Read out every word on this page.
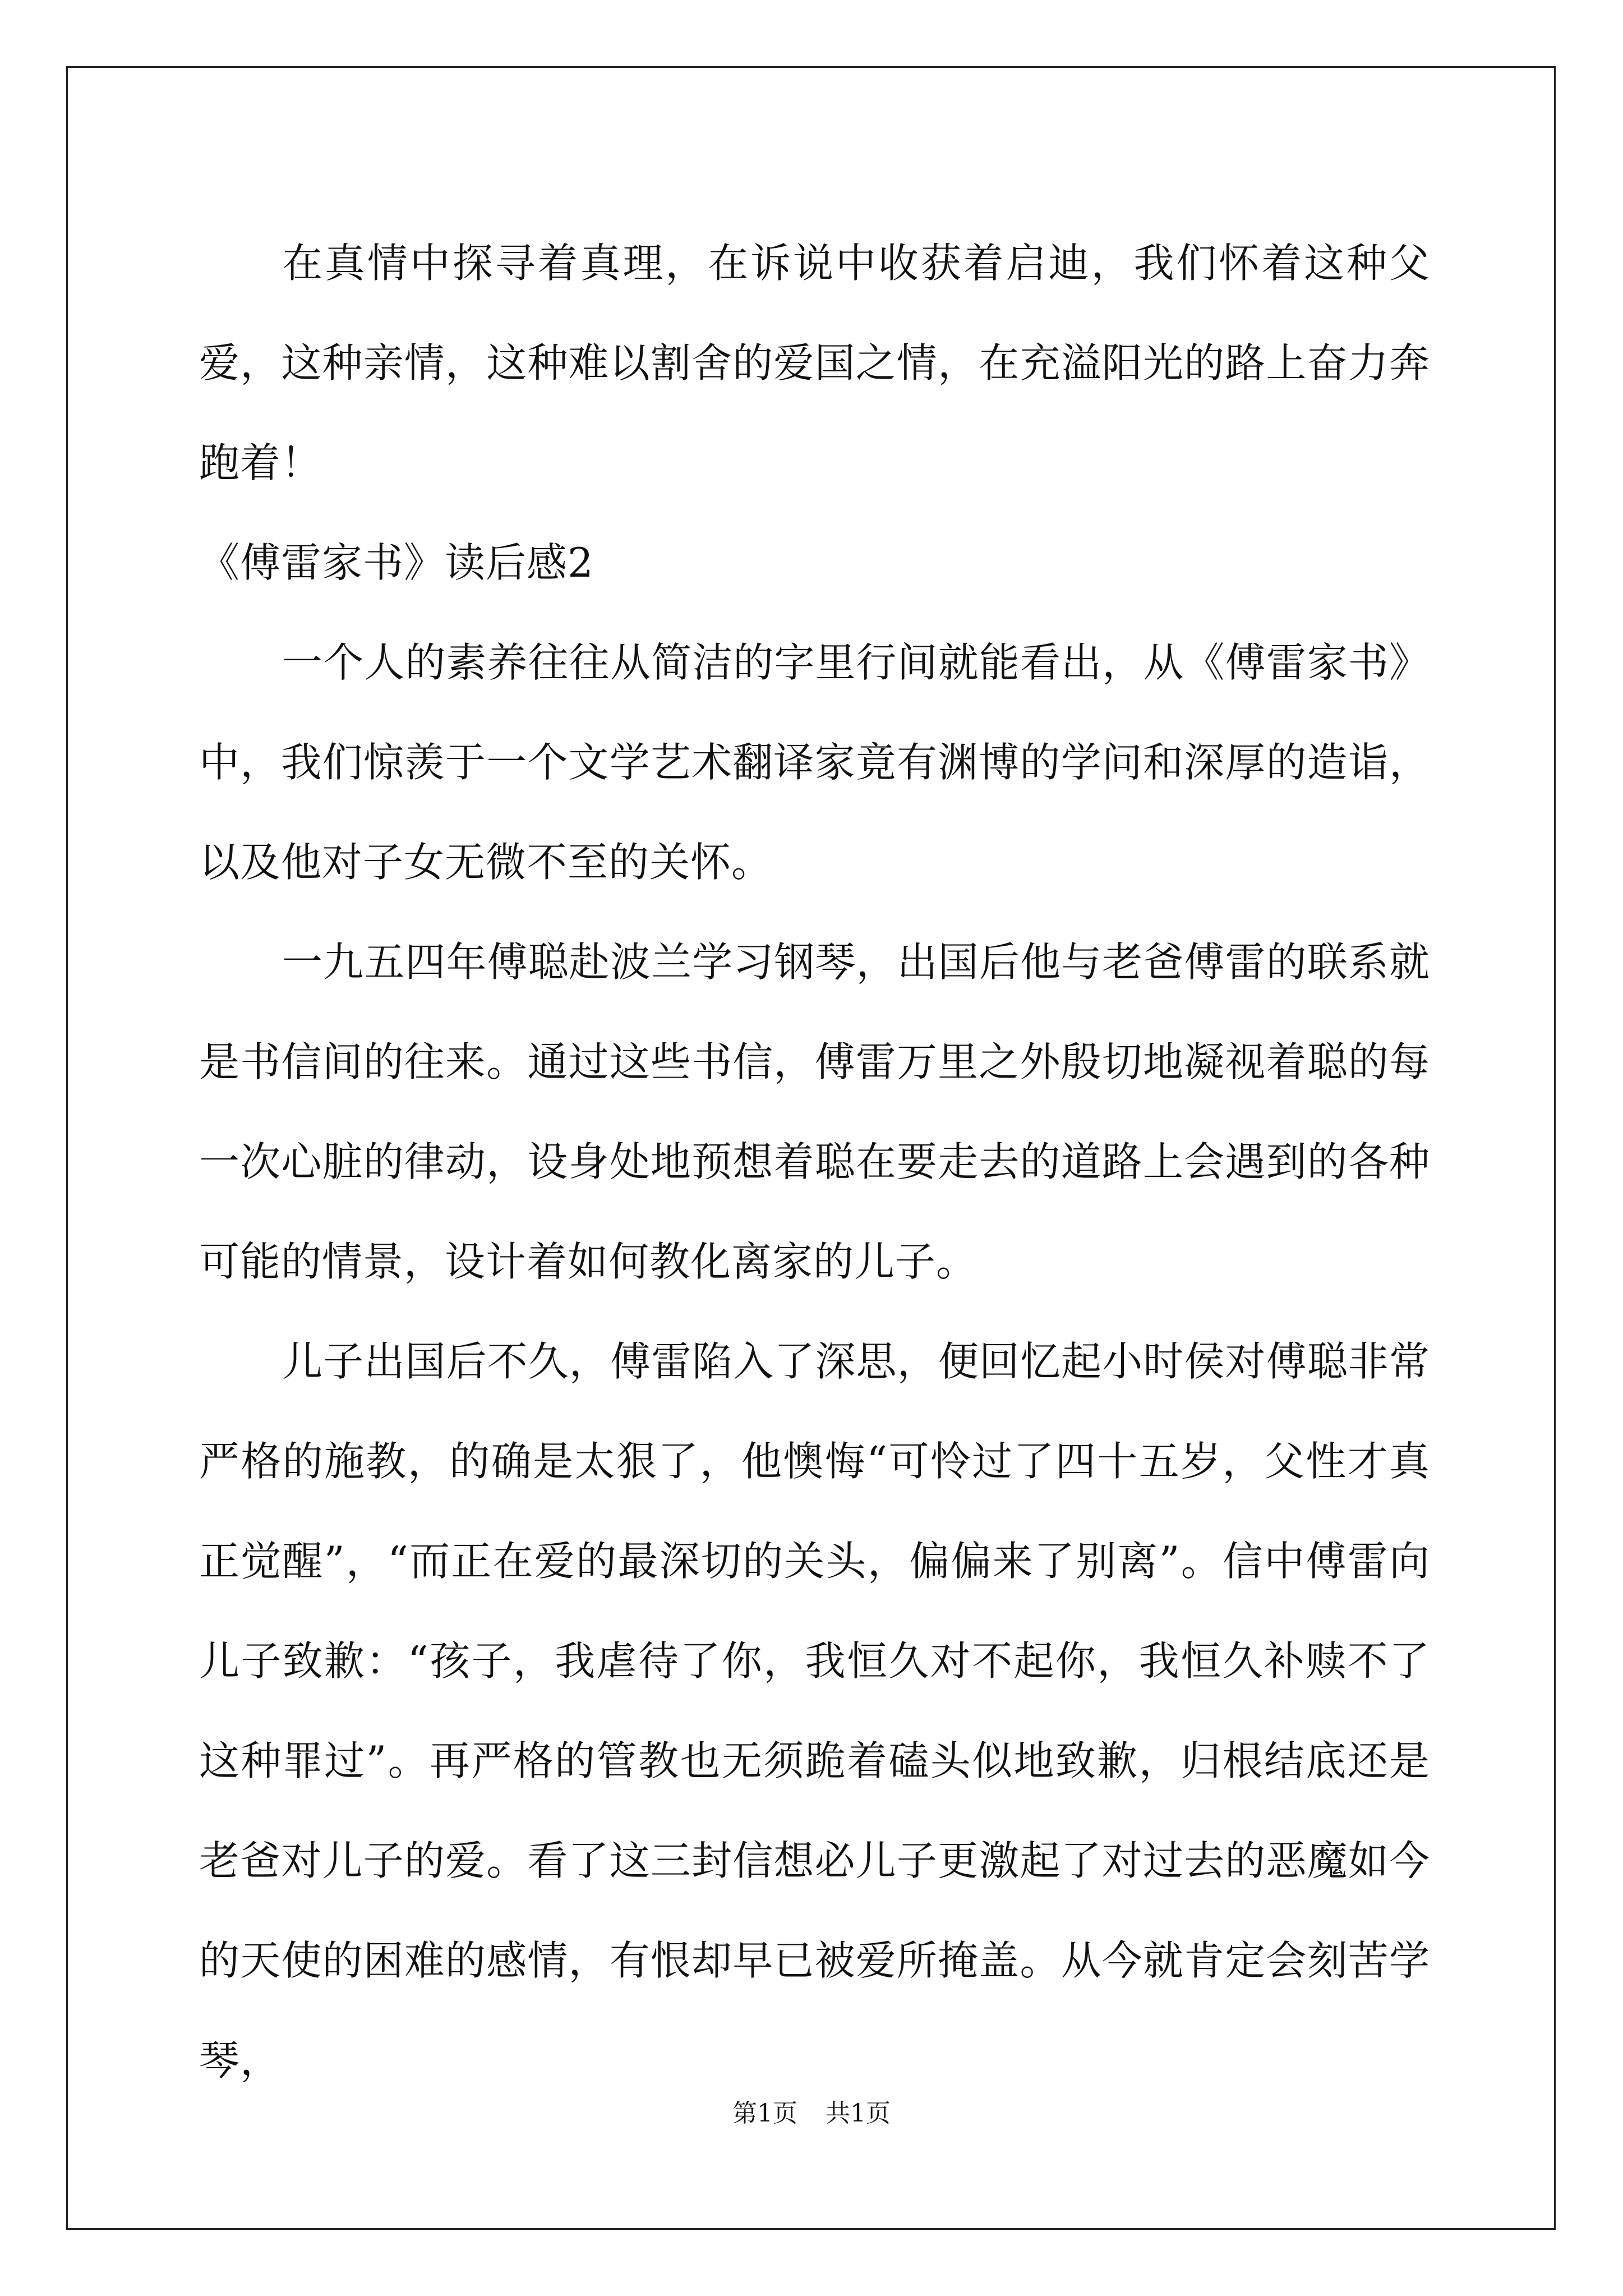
在真情中探寻着真理，在诉说中收获着启迪，我们怀着这种父爱，这种亲情，这种难以割舍的爱国之情，在充溢阳光的路上奋力奔跑着！

《傅雷家书》读后感2

一个人的素养往往从简洁的字里行间就能看出，从《傅雷家书》中，我们惊羡于一个文学艺术翻译家竟有渊博的学问和深厚的造诣，以及他对子女无微不至的关怀。

一九五四年傅聪赴波兰学习钢琴，出国后他与老爸傅雷的联系就是书信间的往来。通过这些书信，傅雷万里之外殷切地凝视着聪的每一次心脏的律动，设身处地预想着聪在要走去的道路上会遇到的各种可能的情景，设计着如何教化离家的儿子。

儿子出国后不久，傅雷陷入了深思，便回忆起小时侯对傅聪非常严格的施教，的确是太狠了，他懊悔“可怜过了四十五岁，父性才真正觉醒”，“而正在爱的最深切的关头，偏偏来了别离”。信中傅雷向儿子致歉：“孩子，我虐待了你，我恒久对不起你，我恒久补赎不了这种罪过”。再严格的管教也无须跪着磕头似地致歉，归根结底还是老爸对儿子的爱。看了这三封信想必儿子更激起了对过去的恶魔如今的天使的困难的感情，有恨却早已被爱所掩盖。从今就肯定会刻苦学琴，

第1页 共1页
